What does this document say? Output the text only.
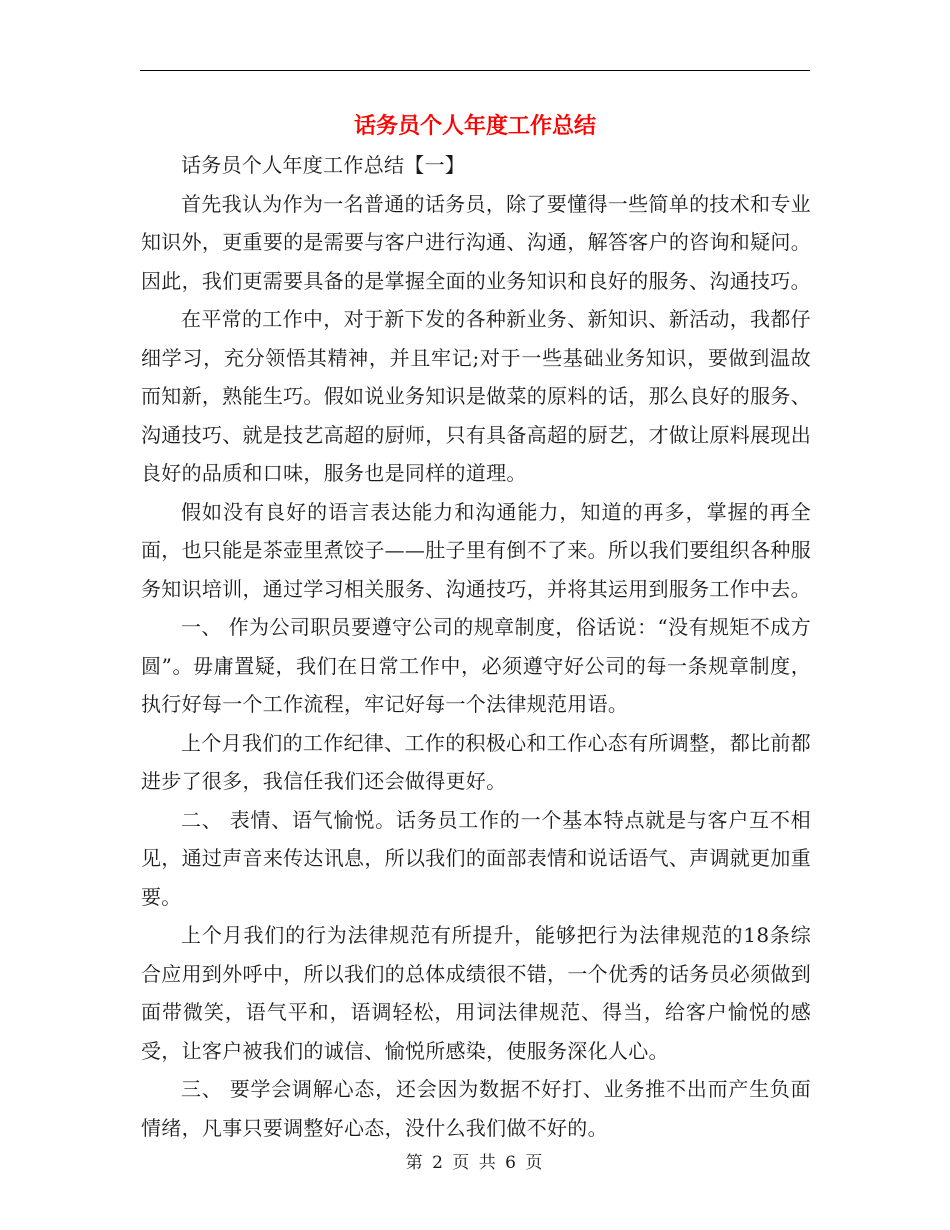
话务员个人年度工作总结

话务员个人年度工作总结【一】

首先我认为作为一名普通的话务员，除了要懂得一些简单的技术和专业知识外，更重要的是需要与客户进行沟通、沟通，解答客户的咨询和疑问。因此，我们更需要具备的是掌握全面的业务知识和良好的服务、沟通技巧。

在平常的工作中，对于新下发的各种新业务、新知识、新活动，我都仔细学习，充分领悟其精神，并且牢记;对于一些基础业务知识，要做到温故而知新，熟能生巧。假如说业务知识是做菜的原料的话，那么良好的服务、沟通技巧、就是技艺高超的厨师，只有具备高超的厨艺，才做让原料展现出良好的品质和口味，服务也是同样的道理。

假如没有良好的语言表达能力和沟通能力，知道的再多，掌握的再全面，也只能是茶壶里煮饺子——肚子里有倒不了来。所以我们要组织各种服务知识培训，通过学习相关服务、沟通技巧，并将其运用到服务工作中去。

一、 作为公司职员要遵守公司的规章制度，俗话说：“没有规矩不成方圆”。毋庸置疑，我们在日常工作中，必须遵守好公司的每一条规章制度，执行好每一个工作流程，牢记好每一个法律规范用语。

上个月我们的工作纪律、工作的积极心和工作心态有所调整，都比前都进步了很多，我信任我们还会做得更好。

二、 表情、语气愉悦。话务员工作的一个基本特点就是与客户互不相见，通过声音来传达讯息，所以我们的面部表情和说话语气、声调就更加重要。

上个月我们的行为法律规范有所提升，能够把行为法律规范的18条综合应用到外呼中，所以我们的总体成绩很不错，一个优秀的话务员必须做到面带微笑，语气平和，语调轻松，用词法律规范、得当，给客户愉悦的感受，让客户被我们的诚信、愉悦所感染，使服务深化人心。

三、 要学会调解心态，还会因为数据不好打、业务推不出而产生负面情绪，凡事只要调整好心态，没什么我们做不好的。

第 2 页 共 6 页
